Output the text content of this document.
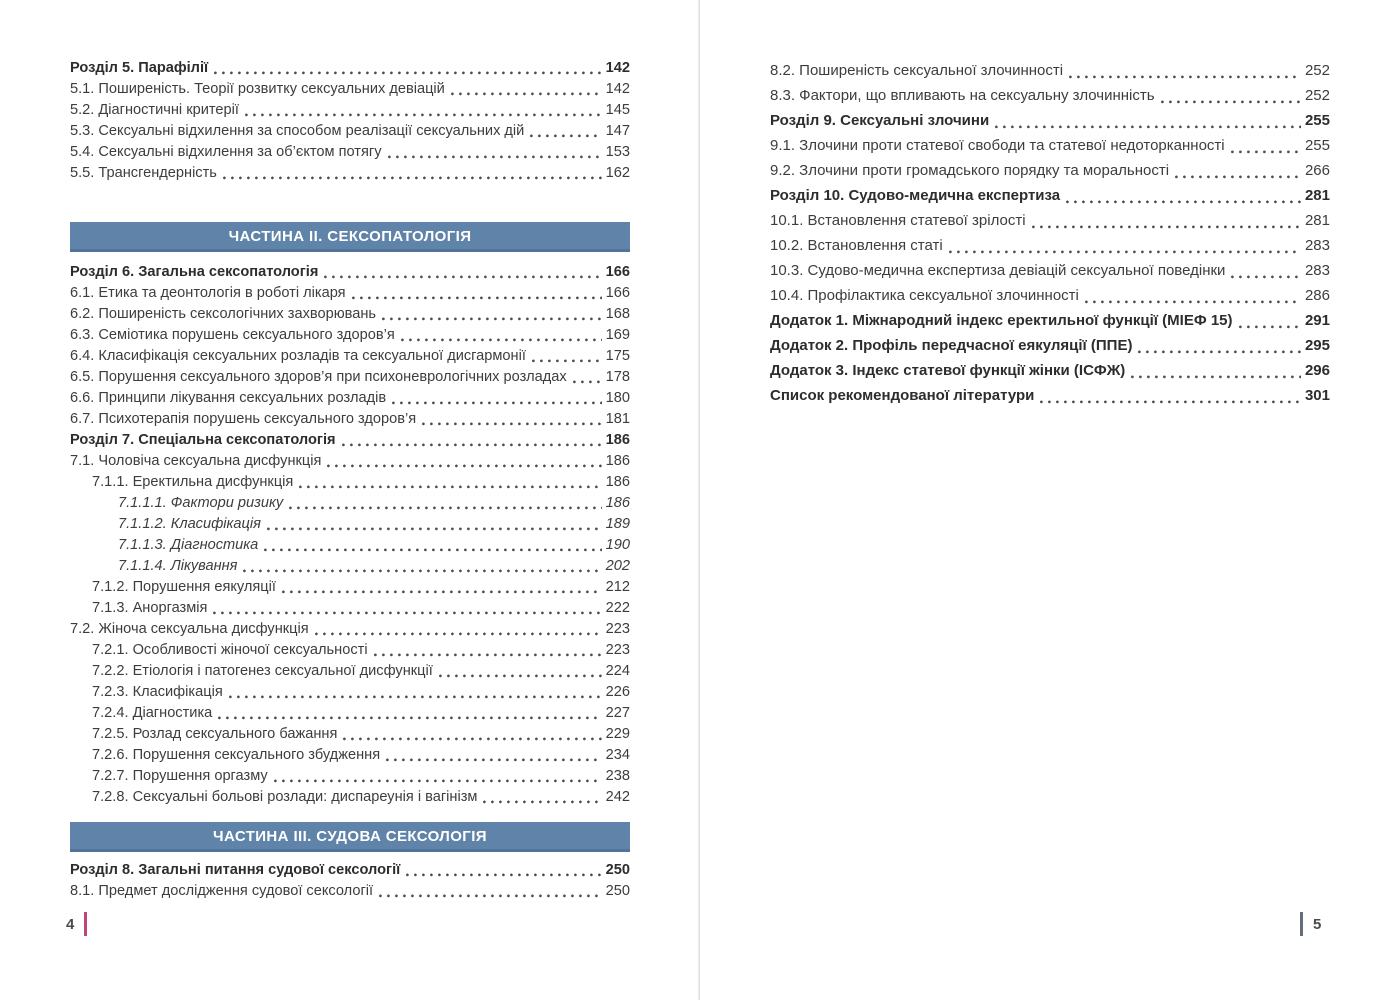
Розділ 5. Парафілії	142
5.1. Поширеність. Теорії розвитку сексуальних девіацій	142
5.2. Діагностичні критерії	145
5.3. Сексуальні відхилення за способом реалізації сексуальних дій	147
5.4. Сексуальні відхилення за об’єктом потягу	153
5.5. Трансгендерність	162
ЧАСТИНА II. СЕКСОПАТОЛОГІЯ
Розділ 6. Загальна сексопатологія	166
6.1. Етика та деонтологія в роботі лікаря	166
6.2. Поширеність сексологічних захворювань	168
6.3. Семіотика порушень сексуального здоров’я	169
6.4. Класифікація сексуальних розладів та сексуальної дисгармонії	175
6.5. Порушення сексуального здоров’я при психоневрологічних розладах	178
6.6. Принципи лікування сексуальних розладів	180
6.7. Психотерапія порушень сексуального здоров’я	181
Розділ 7. Спеціальна сексопатологія	186
7.1. Чоловіча сексуальна дисфункція	186
7.1.1. Еректильна дисфункція	186
7.1.1.1. Фактори ризику	186
7.1.1.2. Класифікація	189
7.1.1.3. Діагностика	190
7.1.1.4. Лікування	202
7.1.2. Порушення еякуляції	212
7.1.3. Аноргазмія	222
7.2. Жіноча сексуальна дисфункція	223
7.2.1. Особливості жіночої сексуальності	223
7.2.2. Етіологія і патогенез сексуальної дисфункції	224
7.2.3. Класифікація	226
7.2.4. Діагностика	227
7.2.5. Розлад сексуального бажання	229
7.2.6. Порушення сексуального збудження	234
7.2.7. Порушення оргазму	238
7.2.8. Сексуальні больові розлади: диспареунія і вагінізм	242
ЧАСТИНА III. СУДОВА СЕКСОЛОГІЯ
Розділ 8. Загальні питання судової сексології	250
8.1. Предмет дослідження судової сексології	250
4
8.2. Поширеність сексуальної злочинності	252
8.3. Фактори, що впливають на сексуальну злочинність	252
Розділ 9. Сексуальні злочини	255
9.1. Злочини проти статевої свободи та статевої недоторканності	255
9.2. Злочини проти громадського порядку та моральності	266
Розділ 10. Судово-медична експертиза	281
10.1. Встановлення статевої зрілості	281
10.2. Встановлення статі	283
10.3. Судово-медична експертиза девіацій сексуальної поведінки	283
10.4. Профілактика сексуальної злочинності	286
Додаток 1. Міжнародний індекс еректильної функції (МІЕФ 15)	291
Додаток 2. Профіль передчасної еякуляції (ППЕ)	295
Додаток 3. Індекс статевої функції жінки (ІСФЖ)	296
Список рекомендованої літератури	301
5
